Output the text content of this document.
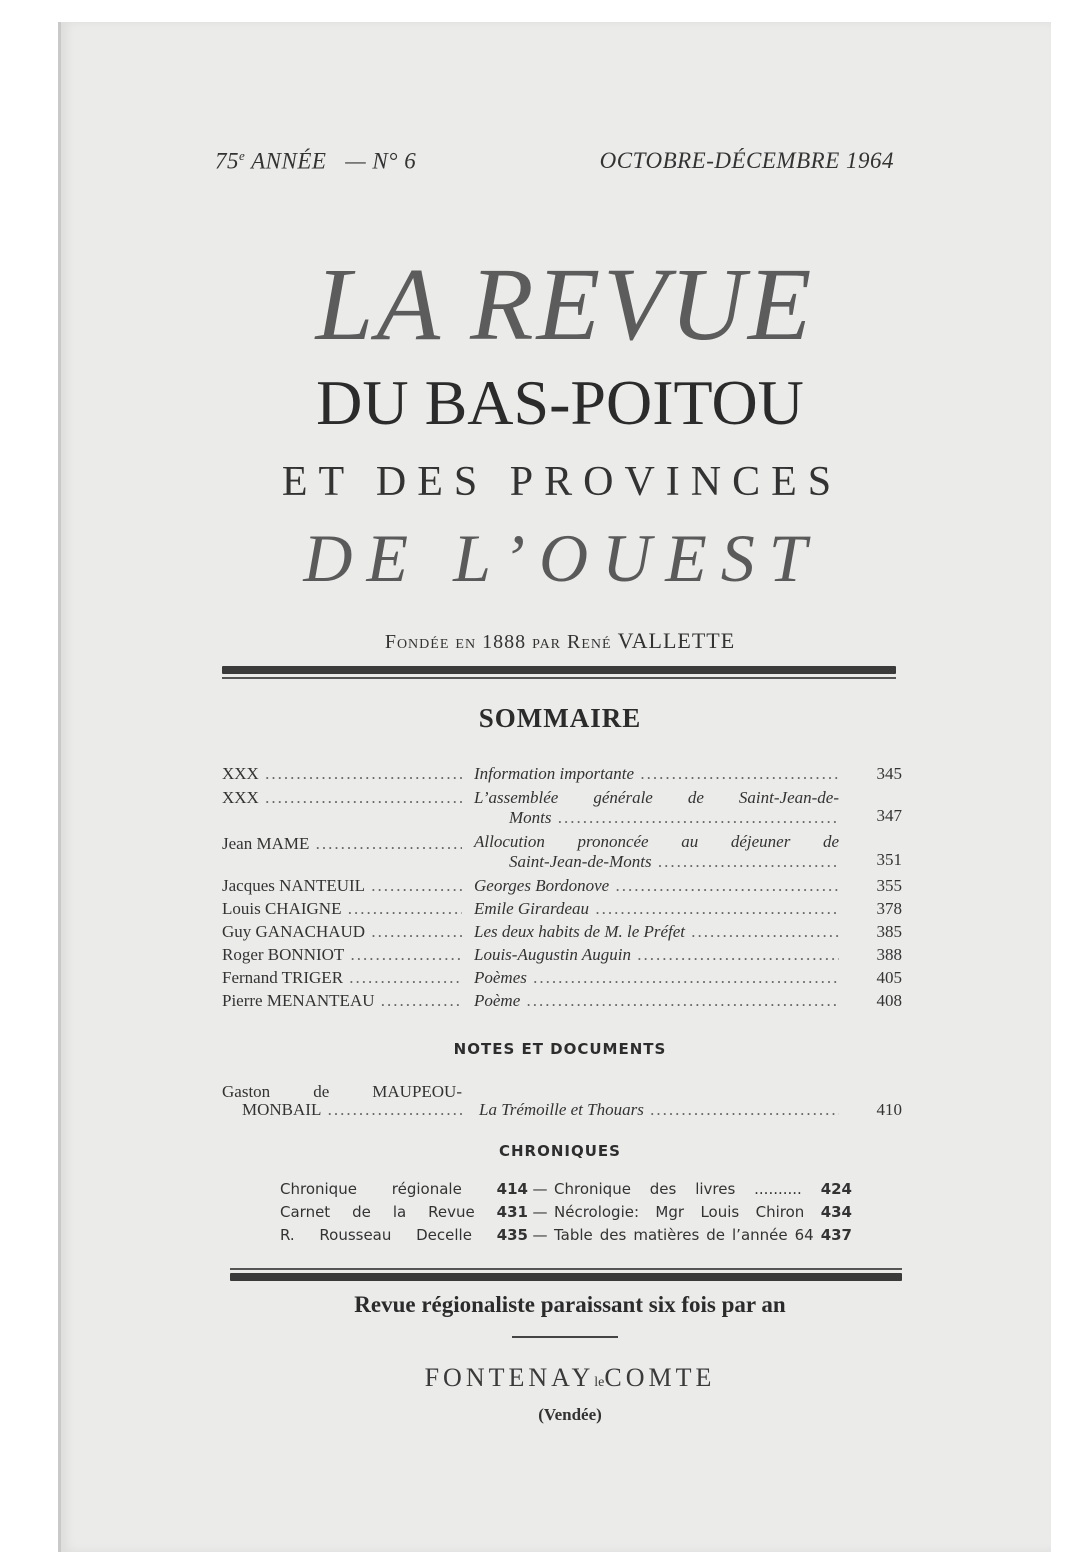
75e ANNÉE — N° 6	OCTOBRE-DÉCEMBRE 1964
LA REVUE
DU BAS-POITOU
ET DES PROVINCES
DE L’OUEST
Fondée en 1888 par René VALLETTE
SOMMAIRE
XXX .....	Information importante .....	345
XXX .....	L’assemblée générale de Saint-Jean-de-
Monts .....	347
Jean MAME .....	Allocution prononcée au déjeuner de
Saint-Jean-de-Monts .....	351
Jacques NANTEUIL .....	Georges Bordonove .....	355
Louis CHAIGNE .....	Emile Girardeau .....	378
Guy GANACHAUD .....	Les deux habits de M. le Préfet .....	385
Roger BONNIOT .....	Louis-Augustin Auguin .....	388
Fernand TRIGER .....	Poèmes .....	405
Pierre MENANTEAU .....	Poème .....	408
NOTES ET DOCUMENTS
Gaston de MAUPEOU-
MONBAIL .....	La Trémoille et Thouars .....	410
CHRONIQUES
Chronique régionale 414 — Chronique des livres .......... 424
Carnet de la Revue 431 — Nécrologie: Mgr Louis Chiron 434
R. Rousseau Decelle 435 — Table des matières de l’année 64 437
Revue régionaliste paraissant six fois par an
FONTENAYleCOMTE
(Vendée)
